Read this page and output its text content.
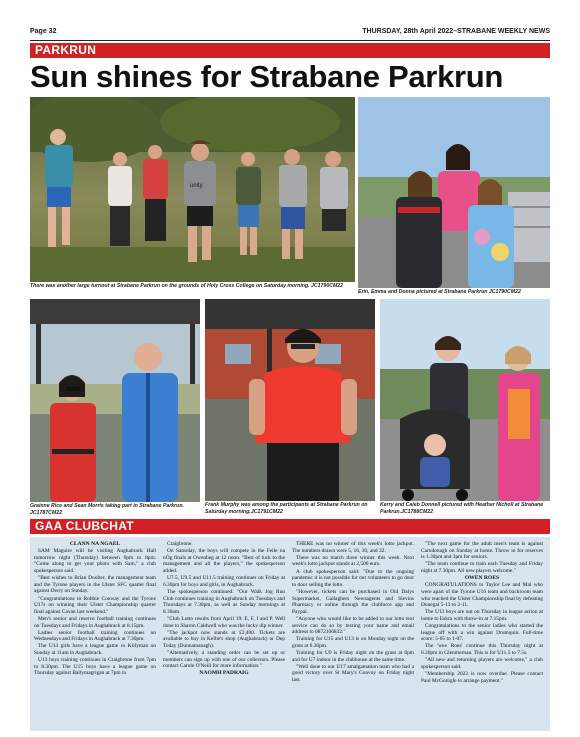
Page 32	THURSDAY, 28th April 2022–STRABANE WEEKLY NEWS
PARKRUN
Sun shines for Strabane Parkrun
unity
There was another large turnout at Strabane Parkrun on the grounds of Holy Cross College on Saturday morning. JC1790CM22
Erin, Emma and Donna pictured at Strabane Parkrun JC1790CM22
Grainne Rice and Sean Morris taking part in Strabane Parkrun. JC1787CM22
Frank Murphy was among the participants at Strabane Parkrun on Saturday morning.JC1791CM22
Kerry and Caleb Donnell pictured with Heather Nicholl at Strabane Parkrun.JC1788CM22
GAA CLUBCHAT

CLANN NA NGAEL

SAM Maguire will be visiting Aughabrack Hall tomorrow night (Thursday) between 6pm to 8pm. "Come along to get your photo with Sam," a club spokesperson said.

"Best wishes to Brian Doolter, the management team and the Tyrone players in the Ulster SFC quarter final against Derry on Sunday.

"Congratulations to Robbie Conway and the Tyrone U17s on winning their Ulster Championship quarter final against Cavan last weekend."

Men's senior and reserve football training continues on Tuesdays and Fridays in Aughabrack at 8.15pm.

Ladies senior football training continues on Wednesdays and Fridays in Aughabrack at 7.30pm.

The U14 girls have a league game vs Killyman on Sunday at 11am in Aughabrack.

U13 boys training continues in Craigbrone from 7pm to 8.30pm. The U15 boys have a league game on Thursday against Ballymagrigan at 7pm in

Craigbrone.

On Saturday, the boys will compete in the Feile na nÓg finals at Owenbeg at 12 noon. "Best of luck to the management and all the players," the spokesperson added.

U7.5, U9.5 and U11.5 training continues on Friday at 6.30pm for boys and girls, in Aughabrack.

The spokesperson continued: "Our Walk Jog Run Club continues training in Aughabrack on Tuesdays and Thursdays at 7.30pm, as well as Sunday mornings at 8.30am.

"Club Lotto results from April 19: E, F, I and P. Well done to Sharon Caldwell who was the lucky dip winner.

"The jackpot now stands at £2,400. Tickets are available to buy in Kellie's shop (Aughabrack) or Dep Today (Dunnamanagh).

"Alternatively, a standing order can be set up or members can sign up with one of our collectors. Please contact Carole O'Neill for more information."

NAOMH PADRAIG

THERE was no winner of this week's lotto jackpot. The numbers drawn were 5, 16, 30, and 32.

There was no match three winner this week. Next week's lotto jackpot stands at 2,500 euro.

A club spokesperson said: "Due to the ongoing pandemic it is not possible for our volunteers to go door to door selling the lotto.

"However, tickets can be purchased in Old Dalys Supermarket, Gallaghers Newsagents and Slevins Pharmacy or online through the clubforce app and Paypal.

"Anyone who would like to be added to our lotto text service can do so by texting your name and email address to 0872106832."

Training for U15 and U13 is on Monday night on the grass at 6.30pm.

Training for U9 is Friday night on the grass at 6pm and for U7 indoor in the clubhouse at the same time.

"Well done to our U17 amalgamation team who had a good victory over St Mary's Convoy on Friday night last.

"The next game for the adult men's team is against Carndonagh on Sunday at home. Throw in for reserves is 1.30pm and 3pm for seniors.

"The team continue to train each Tuesday and Friday night at 7.30pm. All new players welcome."

OWEN ROES

CONGRATULATIONS to Taylor Lee and Mal who were apart of the Tyrone U16 team and backroom team who reached the Ulster Championship final by defeating Donegal 5-13 to 2-11.

The U13 boys are out on Thursday in league action at home to Eskra with throw-in at 7.15pm.

Congratulations to the senior ladies who started the league off with a win against Drumquin. Full-time score: 5-05 to 1-07.

The 'wee Roes' continue this Thursday night at 6.30pm in Glenmornan. This is for U11.5 to 7.5s.

"All new and returning players are welcome," a club spokesperson said.

"Membership 2022 is now overdue. Please contact Paul McGonigle to arrange payment."
